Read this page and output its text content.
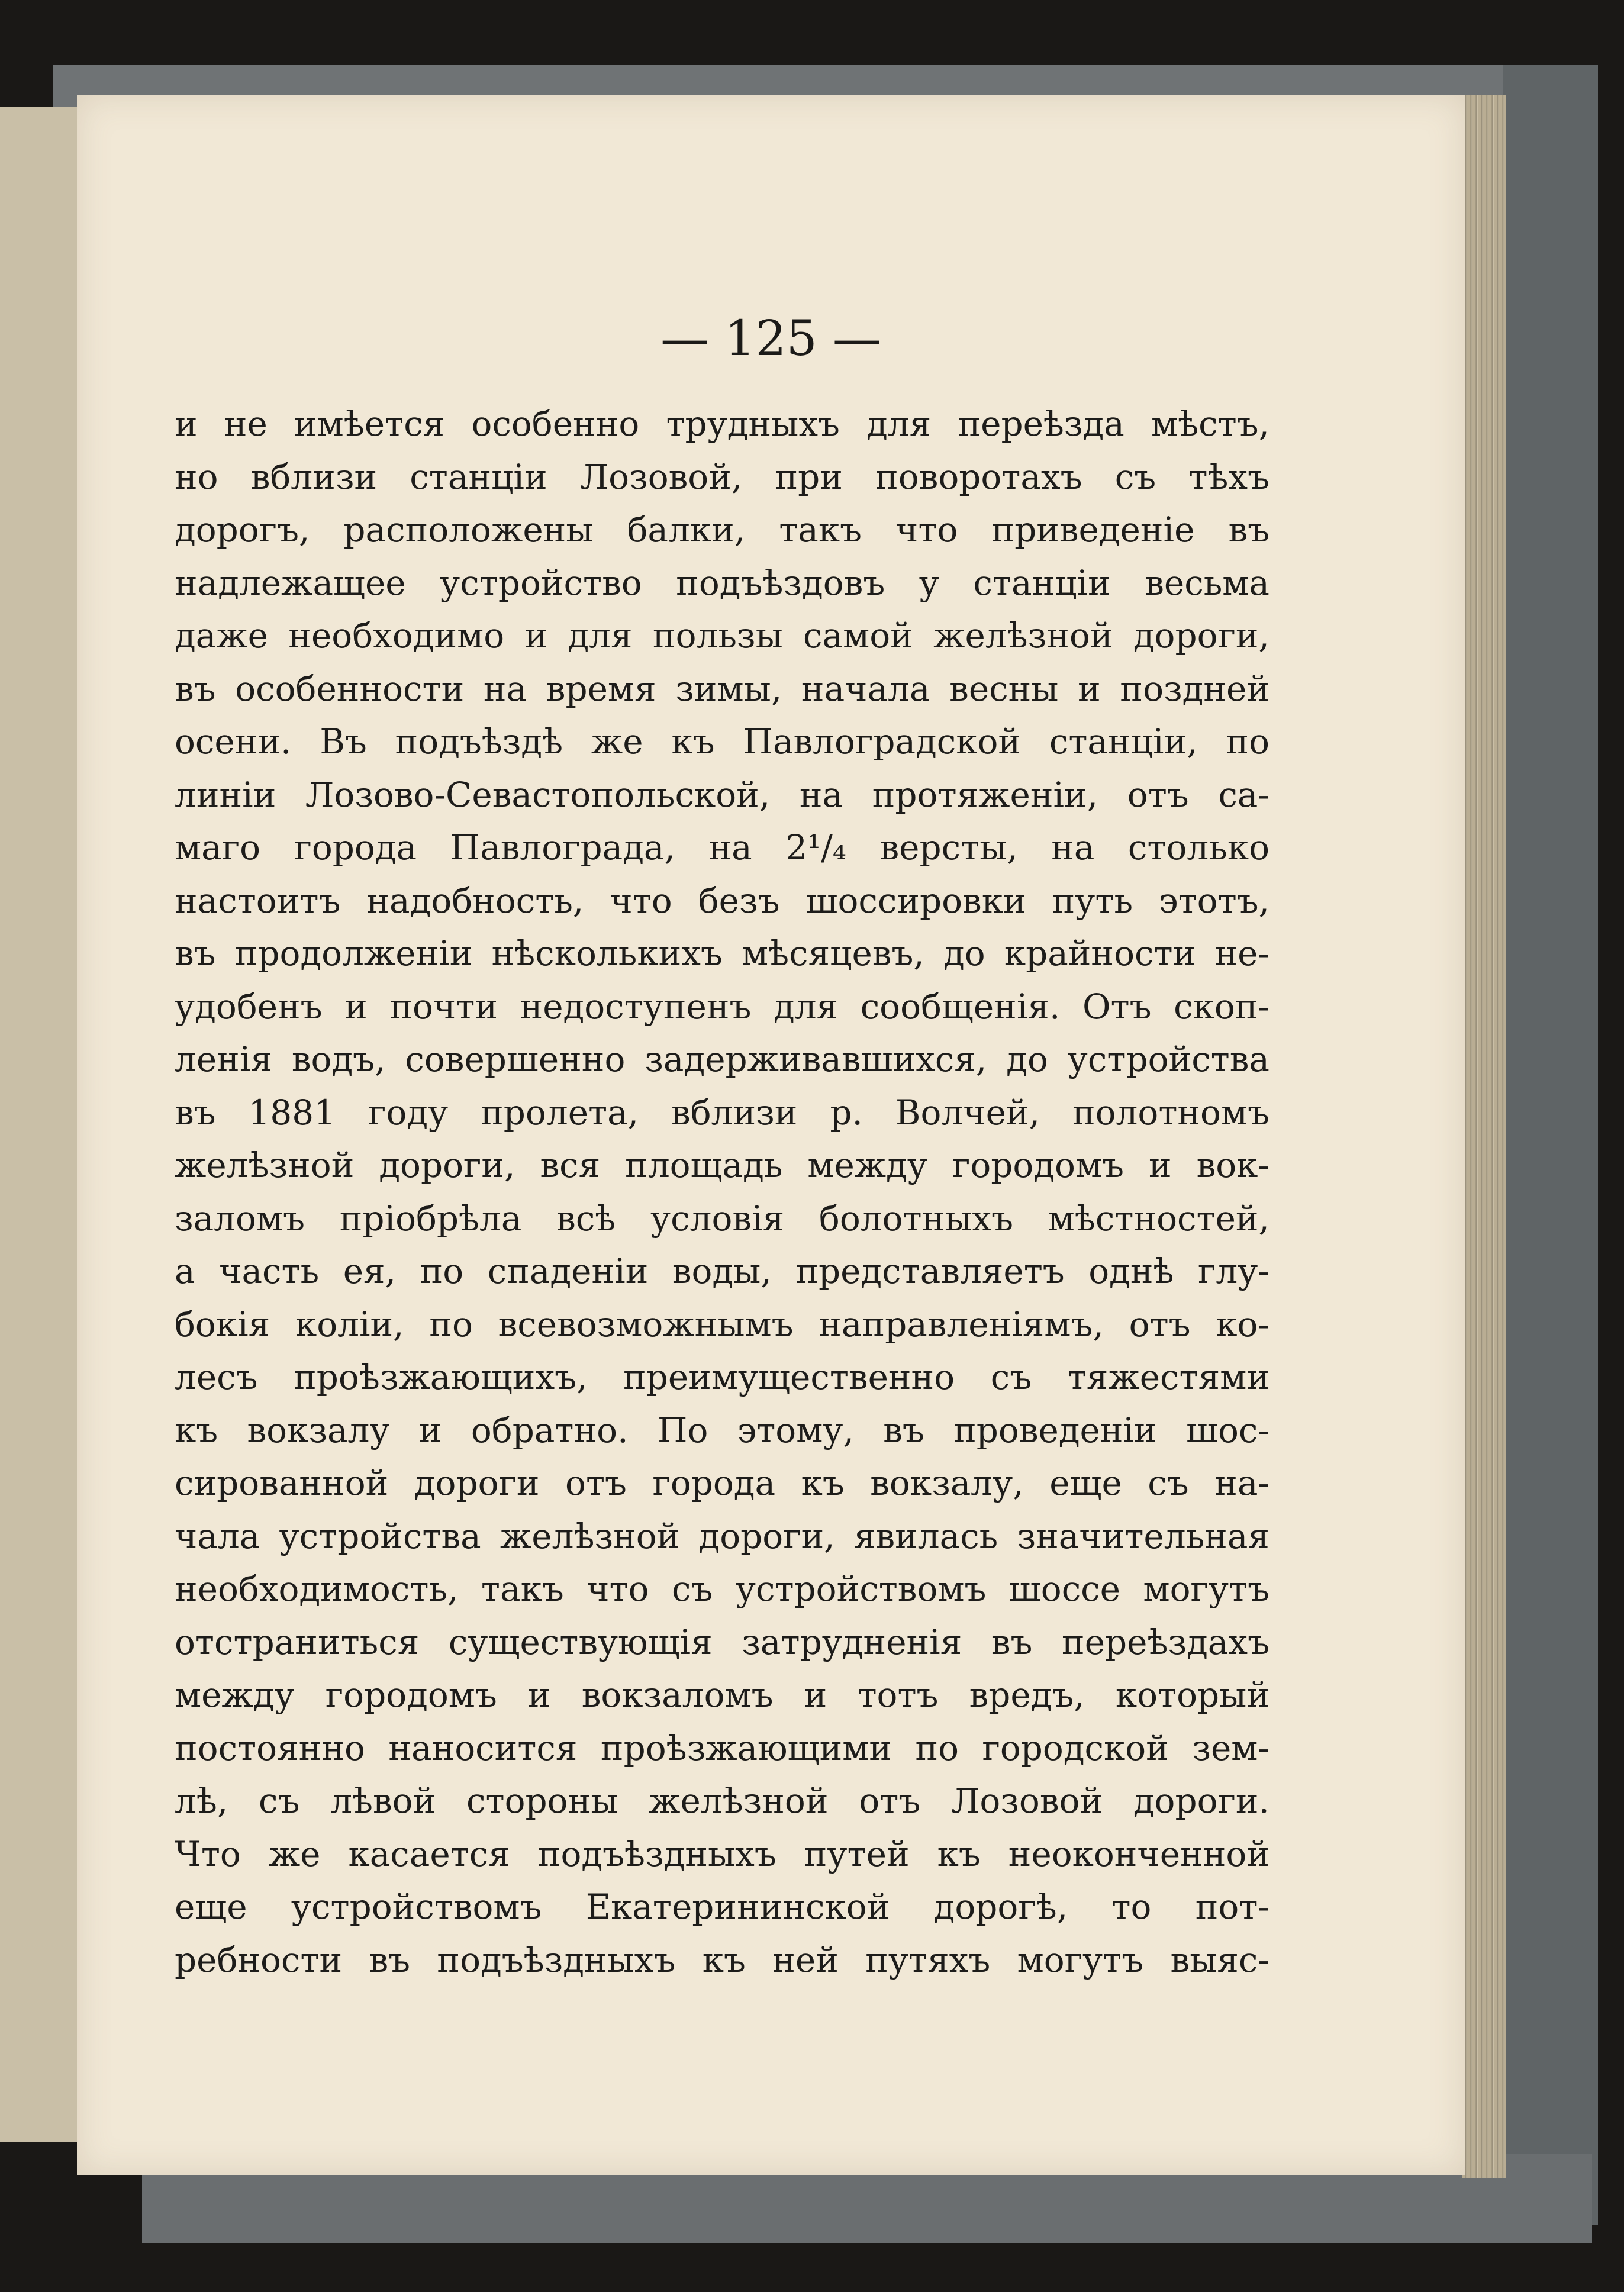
— 125 —
и не имѣется особенно трудныхъ для переѣзда мѣстъ,
но вблизи станціи Лозовой, при поворотахъ съ тѣхъ
дорогъ, расположены балки, такъ что приведеніе въ
надлежащее устройство подъѣздовъ у станціи весьма
даже необходимо и для пользы самой желѣзной дороги,
въ особенности на время зимы, начала весны и поздней
осени. Въ подъѣздѣ же къ Павлоградской станціи, по
линіи Лозово-Севастопольской, на протяженіи, отъ са-
маго города Павлограда, на 2¹/₄ версты, на столько
настоитъ надобность, что безъ шоссировки путь этотъ,
въ продолженіи нѣсколькихъ мѣсяцевъ, до крайности не-
удобенъ и почти недоступенъ для сообщенія. Отъ скоп-
ленія водъ, совершенно задерживавшихся, до устройства
въ 1881 году пролета, вблизи р. Волчей, полотномъ
желѣзной дороги, вся площадь между городомъ и вок-
заломъ пріобрѣла всѣ условія болотныхъ мѣстностей,
а часть ея, по спаденіи воды, представляетъ однѣ глу-
бокія коліи, по всевозможнымъ направленіямъ, отъ ко-
лесъ проѣзжающихъ, преимущественно съ тяжестями
къ вокзалу и обратно. По этому, въ проведеніи шос-
сированной дороги отъ города къ вокзалу, еще съ на-
чала устройства желѣзной дороги, явилась значительная
необходимость, такъ что съ устройствомъ шоссе могутъ
отстраниться существующія затрудненія въ переѣздахъ
между городомъ и вокзаломъ и тотъ вредъ, который
постоянно наносится проѣзжающими по городской зем-
лѣ, съ лѣвой стороны желѣзной отъ Лозовой дороги.
Что же касается подъѣздныхъ путей къ неоконченной
еще устройствомъ Екатерининской дорогѣ, то пот-
ребности въ подъѣздныхъ къ ней путяхъ могутъ выяс-
